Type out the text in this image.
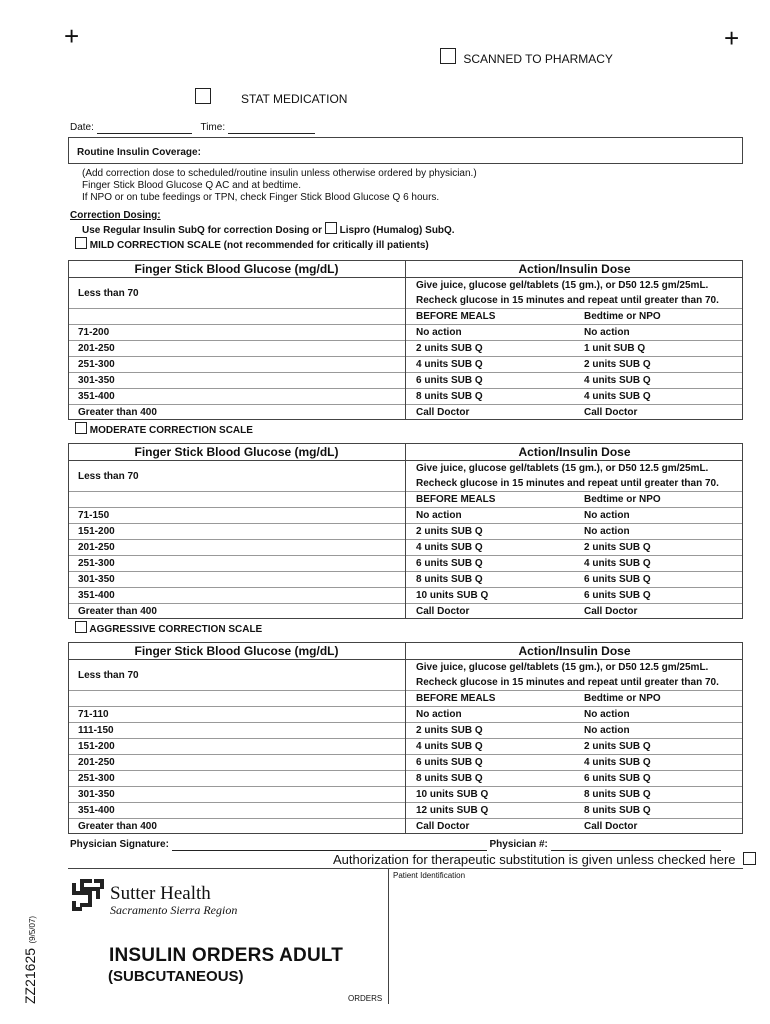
+	+
SCANNED TO PHARMACY
STAT MEDICATION
Date:	Time:
Routine Insulin Coverage:
(Add correction dose to scheduled/routine insulin unless otherwise ordered by physician.)
Finger Stick Blood Glucose Q AC and at bedtime.
If NPO or on tube feedings or TPN, check Finger Stick Blood Glucose Q 6 hours.
Correction Dosing:
Use Regular Insulin SubQ for correction Dosing or Lispro (Humalog) SubQ.
MILD CORRECTION SCALE (not recommended for critically ill patients)
Finger Stick Blood Glucose (mg/dL)	Action/Insulin Dose	
Less than 70	Give juice, glucose gel/tablets (15 gm.), or D50 12.5 gm/25mL.	
	Recheck glucose in 15 minutes and repeat until greater than 70.	
	BEFORE MEALS	Bedtime or NPO
71-200	No action	No action
201-250	2 units SUB Q	1 unit SUB Q
251-300	4 units SUB Q	2 units SUB Q
301-350	6 units SUB Q	4 units SUB Q
351-400	8 units SUB Q	4 units SUB Q
Greater than 400	Call Doctor	Call Doctor
MODERATE CORRECTION SCALE
Finger Stick Blood Glucose (mg/dL)	Action/Insulin Dose	
Less than 70	Give juice, glucose gel/tablets (15 gm.), or D50 12.5 gm/25mL.	
	Recheck glucose in 15 minutes and repeat until greater than 70.	
	BEFORE MEALS	Bedtime or NPO
71-150	No action	No action
151-200	2 units SUB Q	No action
201-250	4 units SUB Q	2 units SUB Q
251-300	6 units SUB Q	4 units SUB Q
301-350	8 units SUB Q	6 units SUB Q
351-400	10 units SUB Q	6 units SUB Q
Greater than 400	Call Doctor	Call Doctor
AGGRESSIVE CORRECTION SCALE
Finger Stick Blood Glucose (mg/dL)	Action/Insulin Dose	
Less than 70	Give juice, glucose gel/tablets (15 gm.), or D50 12.5 gm/25mL.	
	Recheck glucose in 15 minutes and repeat until greater than 70.	
	BEFORE MEALS	Bedtime or NPO
71-110	No action	No action
111-150	2 units SUB Q	No action
151-200	4 units SUB Q	2 units SUB Q
201-250	6 units SUB Q	4 units SUB Q
251-300	8 units SUB Q	6 units SUB Q
301-350	10 units SUB Q	8 units SUB Q
351-400	12 units SUB Q	8 units SUB Q
Greater than 400	Call Doctor	Call Doctor
Physician Signature:	Physician #:
Authorization for therapeutic substitution is given unless checked here
Patient Identification
Sutter Health
Sacramento Sierra Region
ZZ21625 (9/5/07)
INSULIN ORDERS ADULT
(SUBCUTANEOUS)
ORDERS
